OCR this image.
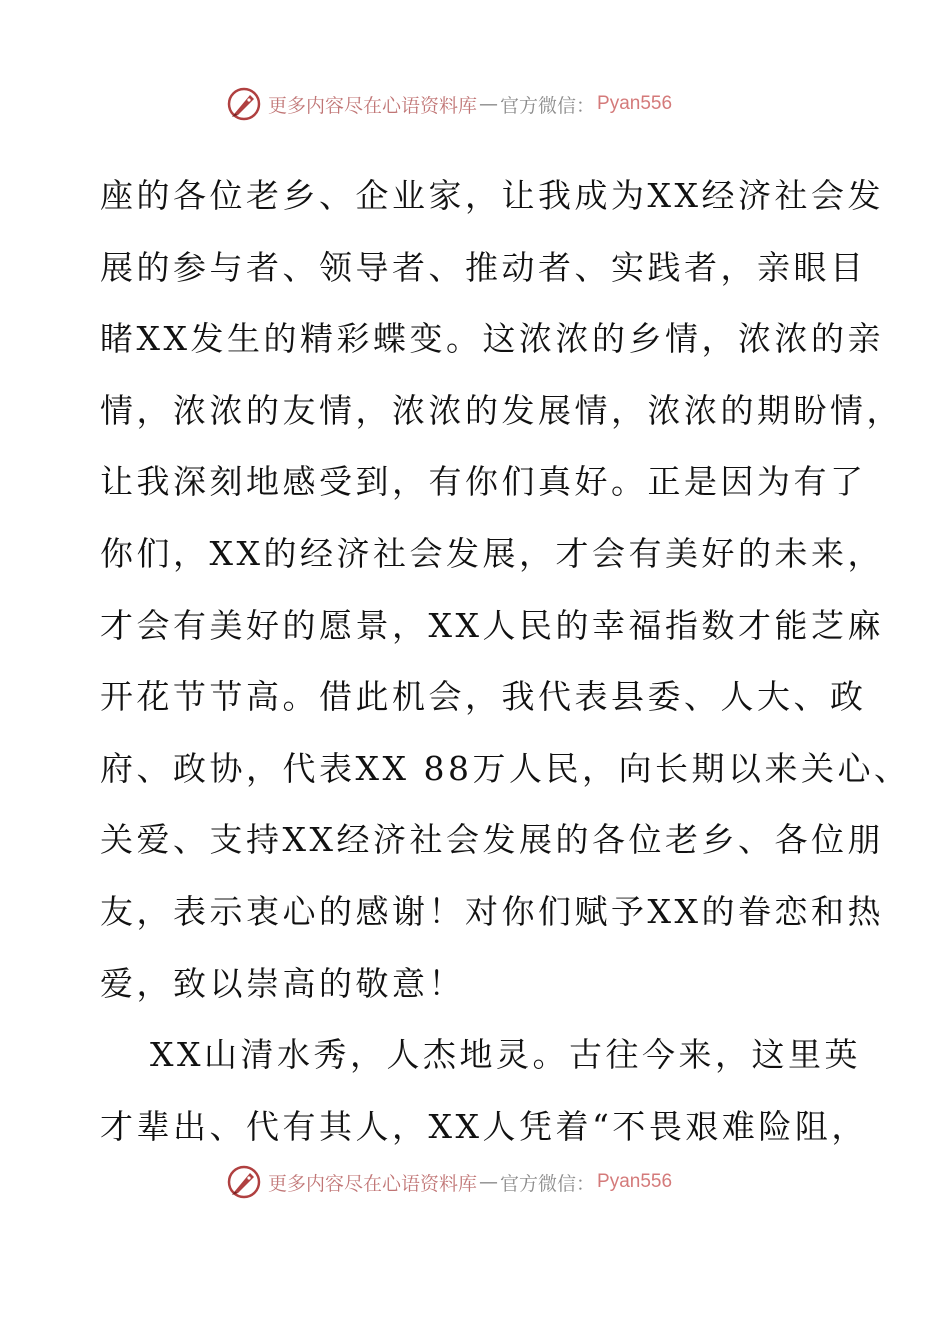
更多内容尽在心语资料库 — 官方微信： Pyan556
座的各位老乡、企业家，让我成为XX经济社会发
展的参与者、领导者、推动者、实践者，亲眼目
睹XX发生的精彩蝶变。这浓浓的乡情，浓浓的亲
情，浓浓的友情，浓浓的发展情，浓浓的期盼情，
让我深刻地感受到，有你们真好。正是因为有了
你们，XX的经济社会发展，才会有美好的未来，
才会有美好的愿景，XX人民的幸福指数才能芝麻
开花节节高。借此机会，我代表县委、人大、政
府、政协，代表XX 88万人民，向长期以来关心、
关爱、支持XX经济社会发展的各位老乡、各位朋
友，表示衷心的感谢！对你们赋予XX的眷恋和热
爱，致以崇高的敬意！
XX山清水秀，人杰地灵。古往今来，这里英
才辈出、代有其人，XX人凭着“不畏艰难险阻，
更多内容尽在心语资料库 — 官方微信： Pyan556
